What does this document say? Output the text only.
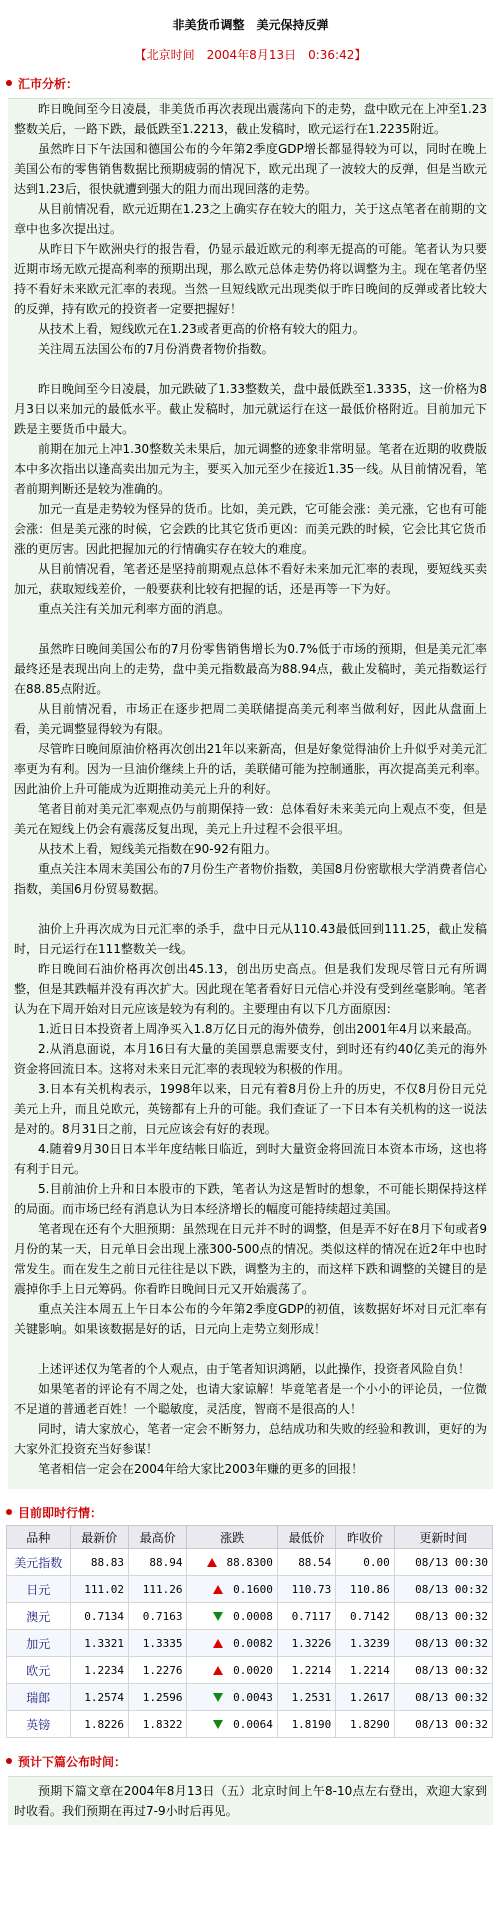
非美货币调整　美元保持反弹
【北京时间　2004年8月13日　0:36:42】
汇市分析：

昨日晚间至今日凌晨，非美货币再次表现出震荡向下的走势，盘中欧元在上冲至1.23整数关后，一路下跌，最低跌至1.2213，截止发稿时，欧元运行在1.2235附近。

虽然昨日下午法国和德国公布的今年第2季度GDP增长都显得较为可以，同时在晚上美国公布的零售销售数据比预期疲弱的情况下，欧元出现了一波较大的反弹，但是当欧元达到1.23后，很快就遭到强大的阻力而出现回落的走势。

从目前情况看，欧元近期在1.23之上确实存在较大的阻力，关于这点笔者在前期的文章中也多次提出过。

从昨日下午欧洲央行的报告看，仍显示最近欧元的利率无提高的可能。笔者认为只要近期市场无欧元提高利率的预期出现，那么欧元总体走势仍将以调整为主。现在笔者仍坚持不看好未来欧元汇率的表现。当然一旦短线欧元出现类似于昨日晚间的反弹或者比较大的反弹，持有欧元的投资者一定要把握好！

从技术上看，短线欧元在1.23或者更高的价格有较大的阻力。

关注周五法国公布的7月份消费者物价指数。

昨日晚间至今日凌晨，加元跌破了1.33整数关，盘中最低跌至1.3335，这一价格为8月3日以来加元的最低水平。截止发稿时，加元就运行在这一最低价格附近。目前加元下跌是主要货币中最大。

前期在加元上冲1.30整数关未果后，加元调整的迹象非常明显。笔者在近期的收费版本中多次指出以逢高卖出加元为主，要买入加元至少在接近1.35一线。从目前情况看，笔者前期判断还是较为准确的。

加元一直是走势较为怪异的货币。比如，美元跌，它可能会涨：美元涨，它也有可能会涨：但是美元涨的时候，它会跌的比其它货币更凶：而美元跌的时候，它会比其它货币涨的更厉害。因此把握加元的行情确实存在较大的难度。

从目前情况看，笔者还是坚持前期观点总体不看好未来加元汇率的表现，要短线买卖加元，获取短线差价，一般要获利比较有把握的话，还是再等一下为好。

重点关注有关加元利率方面的消息。

虽然昨日晚间美国公布的7月份零售销售增长为0.7%低于市场的预期，但是美元汇率最终还是表现出向上的走势，盘中美元指数最高为88.94点，截止发稿时，美元指数运行在88.85点附近。

从目前情况看，市场正在逐步把周二美联储提高美元利率当做利好，因此从盘面上看，美元调整显得较为有限。

尽管昨日晚间原油价格再次创出21年以来新高，但是好象觉得油价上升似乎对美元汇率更为有利。因为一旦油价继续上升的话，美联储可能为控制通胀，再次提高美元利率。因此油价上升可能成为近期推动美元上升的利好。

笔者目前对美元汇率观点仍与前期保持一致：总体看好未来美元向上观点不变，但是美元在短线上仍会有震荡反复出现，美元上升过程不会很平坦。

从技术上看，短线美元指数在90-92有阻力。

重点关注本周末美国公布的7月份生产者物价指数，美国8月份密歇根大学消费者信心指数，美国6月份贸易数据。

油价上升再次成为日元汇率的杀手，盘中日元从110.43最低回到111.25，截止发稿时，日元运行在111整数关一线。

昨日晚间石油价格再次创出45.13，创出历史高点。但是我们发现尽管日元有所调整，但是其跌幅并没有再次扩大。因此现在笔者看好日元信心并没有受到丝毫影响。笔者认为在下周开始对日元应该是较为有利的。主要理由有以下几方面原因：

1.近日日本投资者上周净买入1.8万亿日元的海外债券，创出2001年4月以来最高。

2.从消息面说，本月16日有大量的美国票息需要支付，到时还有约40亿美元的海外资金将回流日本。这将对未来日元汇率的表现较为积极的作用。

3.日本有关机构表示，1998年以来，日元有着8月份上升的历史，不仅8月份日元兑美元上升，而且兑欧元，英镑都有上升的可能。我们查证了一下日本有关机构的这一说法是对的。8月31日之前，日元应该会有好的表现。

4.随着9月30日日本半年度结帐日临近，到时大量资金将回流日本资本市场，这也将有利于日元。

5.目前油价上升和日本股市的下跌，笔者认为这是暂时的想象，不可能长期保持这样的局面。而市场已经有消息认为日本经济增长的幅度可能持续超过美国。

笔者现在还有个大胆预期：虽然现在日元并不时的调整，但是弄不好在8月下旬或者9月份的某一天，日元单日会出现上涨300-500点的情况。类似这样的情况在近2年中也时常发生。而在发生之前日元往往是以下跌，调整为主的，而这样下跌和调整的关键目的是震掉你手上日元筹码。你看昨日晚间日元又开始震荡了。

重点关注本周五上午日本公布的今年第2季度GDP的初值，该数据好坏对日元汇率有关键影响。如果该数据是好的话，日元向上走势立刻形成！

上述评述仅为笔者的个人观点，由于笔者知识鸿陋，以此操作，投资者风险自负！

如果笔者的评论有不周之处，也请大家谅解！毕竟笔者是一个小小的评论员，一位微不足道的普通老百姓！一个聪敏度，灵活度，智商不是很高的人！

同时，请大家放心，笔者一定会不断努力，总结成功和失败的经验和教训，更好的为大家外汇投资充当好参谋！

笔者相信一定会在2004年给大家比2003年赚的更多的回报！

目前即时行情：
品种	最新价	最高价	涨跌	最低价	昨收价	更新时间
美元指数	88.83	88.94	88.8300	88.54	0.00	08/13 00:30
日元	111.02	111.26	0.1600	110.73	110.86	08/13 00:32
澳元	0.7134	0.7163	0.0008	0.7117	0.7142	08/13 00:32
加元	1.3321	1.3335	0.0082	1.3226	1.3239	08/13 00:32
欧元	1.2234	1.2276	0.0020	1.2214	1.2214	08/13 00:32
瑞郎	1.2574	1.2596	0.0043	1.2531	1.2617	08/13 00:32
英镑	1.8226	1.8322	0.0064	1.8190	1.8290	08/13 00:32
预计下篇公布时间：
预期下篇文章在2004年8月13日（五）北京时间上午8-10点左右登出，欢迎大家到时收看。我们预期在再过7-9小时后再见。
